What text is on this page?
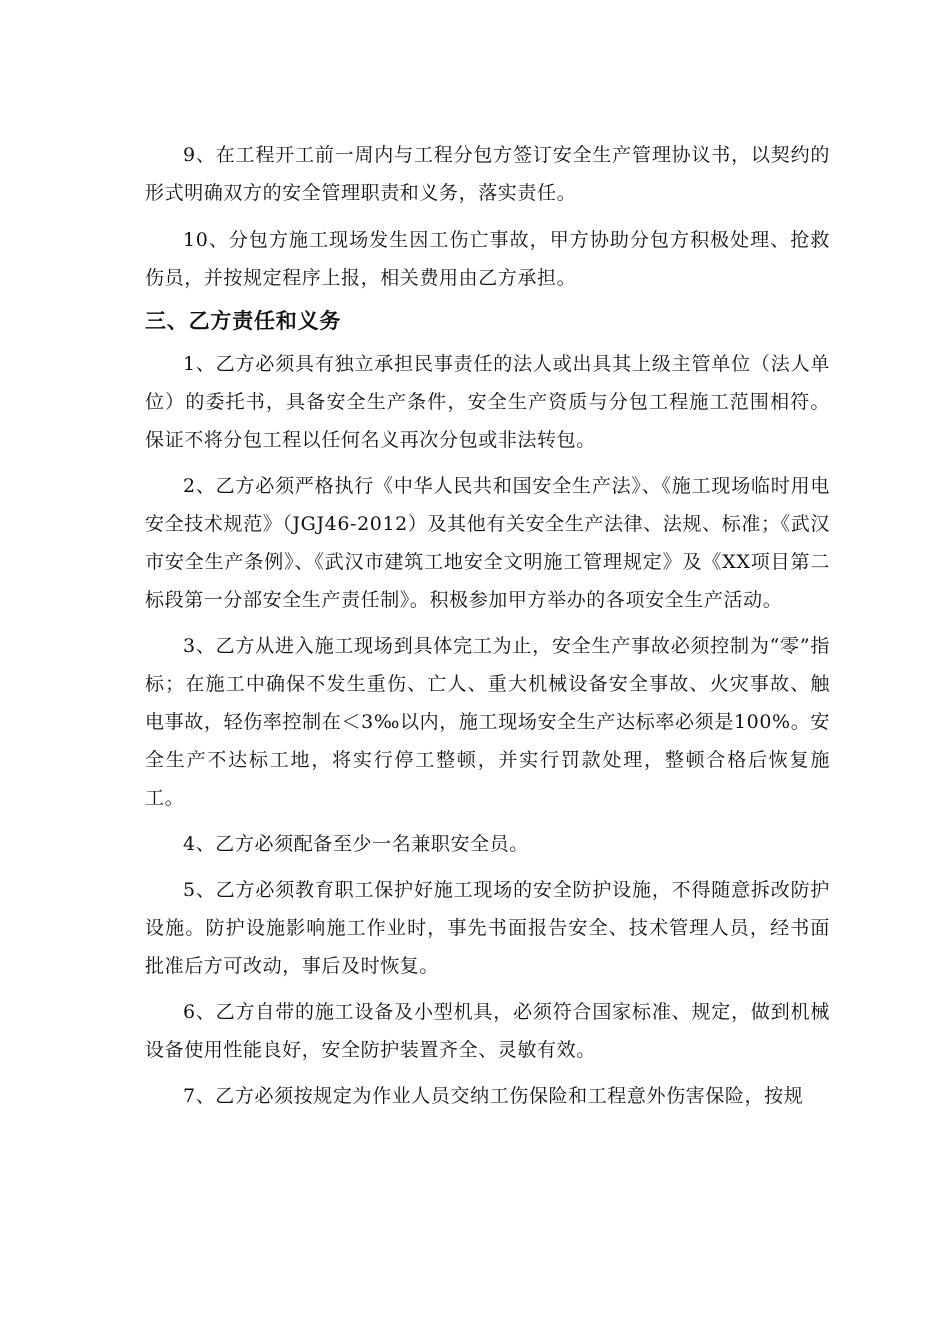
9、在工程开工前一周内与工程分包方签订安全生产管理协议书，以契约的形式明确双方的安全管理职责和义务，落实责任。

10、分包方施工现场发生因工伤亡事故，甲方协助分包方积极处理、抢救伤员，并按规定程序上报，相关费用由乙方承担。

三、乙方责任和义务

1、乙方必须具有独立承担民事责任的法人或出具其上级主管单位（法人单位）的委托书，具备安全生产条件，安全生产资质与分包工程施工范围相符。保证不将分包工程以任何名义再次分包或非法转包。

2、乙方必须严格执行《中华人民共和国安全生产法》、《施工现场临时用电安全技术规范》（JGJ46-2012）及其他有关安全生产法律、法规、标准；《武汉市安全生产条例》、《武汉市建筑工地安全文明施工管理规定》及《XX项目第二标段第一分部安全生产责任制》。积极参加甲方举办的各项安全生产活动。

3、乙方从进入施工现场到具体完工为止，安全生产事故必须控制为“零”指标；在施工中确保不发生重伤、亡人、重大机械设备安全事故、火灾事故、触电事故，轻伤率控制在＜3‰以内，施工现场安全生产达标率必须是100%。安全生产不达标工地，将实行停工整顿，并实行罚款处理，整顿合格后恢复施工。

4、乙方必须配备至少一名兼职安全员。

5、乙方必须教育职工保护好施工现场的安全防护设施，不得随意拆改防护设施。防护设施影响施工作业时，事先书面报告安全、技术管理人员，经书面批准后方可改动，事后及时恢复。

6、乙方自带的施工设备及小型机具，必须符合国家标准、规定，做到机械设备使用性能良好，安全防护装置齐全、灵敏有效。

7、乙方必须按规定为作业人员交纳工伤保险和工程意外伤害保险，按规
